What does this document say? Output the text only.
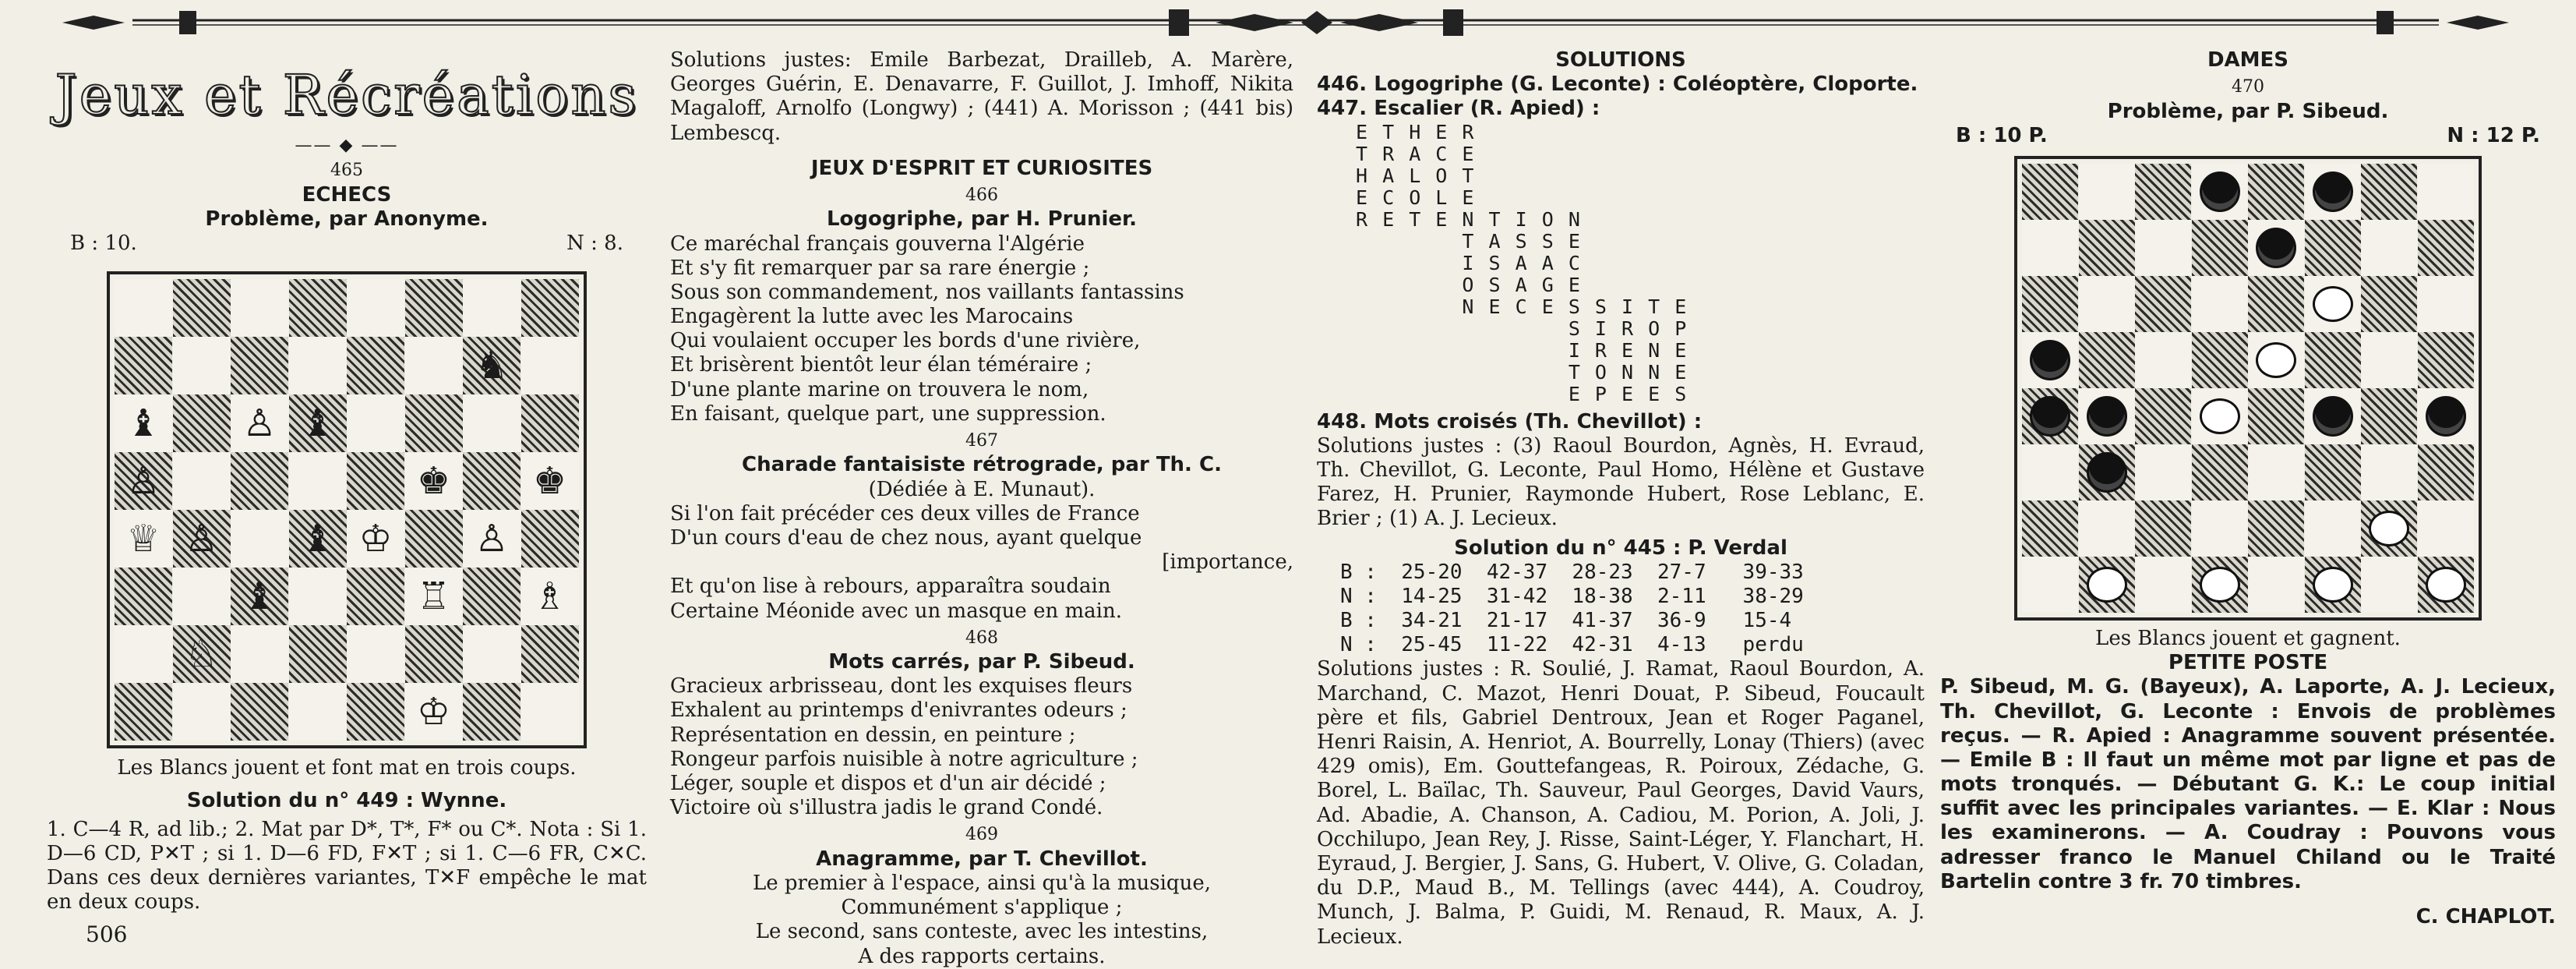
Jeux et Récréations
—— ◆ ——
465
ECHECS
Problème, par Anonyme.
B : 10.	N : 8.
♞
♝ ♙ ♝
♙	♚ ♚
♕ ♙ ♝ ♔ ♙
♝	♖ ♗
♘
♔

Les Blancs jouent et font mat en trois coups.

Solution du n° 449 : Wynne.

1. C—4 R, ad lib.; 2. Mat par D*, T*, F* ou C*. Nota : Si 1. D—6 CD, P✕T ; si 1. D—6 FD, F✕T ; si 1. C—6 FR, C✕C. Dans ces deux dernières variantes, T✕F empêche le mat en deux coups.

Solutions justes: Emile Barbezat, Drailleb, A. Marère, Georges Guérin, E. Denavarre, F. Guillot, J. Imhoff, Nikita Magaloff, Arnolfo (Longwy) ; (441) A. Morisson ; (441 bis) Lembescq.

JEUX D'ESPRIT ET CURIOSITES
466
Logogriphe, par H. Prunier.

Ce maréchal français gouverna l'Algérie

Et s'y fit remarquer par sa rare énergie ;

Sous son commandement, nos vaillants fantassins

Engagèrent la lutte avec les Marocains

Qui voulaient occuper les bords d'une rivière,

Et brisèrent bientôt leur élan téméraire ;

D'une plante marine on trouvera le nom,

En faisant, quelque part, une suppression.

467
Charade fantaisiste rétrograde, par Th. C.

(Dédiée à E. Munaut).

Si l'on fait précéder ces deux villes de France

D'un cours d'eau de chez nous, ayant quelque

[importance,

Et qu'on lise à rebours, apparaîtra soudain

Certaine Méonide avec un masque en main.

468
Mots carrés, par P. Sibeud.

Gracieux arbrisseau, dont les exquises fleurs

Exhalent au printemps d'enivrantes odeurs ;

Représentation en dessin, en peinture ;

Rongeur parfois nuisible à notre agriculture ;

Léger, souple et dispos et d'un air décidé ;

Victoire où s'illustra jadis le grand Condé.

469
Anagramme, par T. Chevillot.

Le premier à l'espace, ainsi qu'à la musique,

Communément s'applique ;

Le second, sans conteste, avec les intestins,

A des rapports certains.

SOLUTIONS

446. Logogriphe (G. Leconte) : Coléoptère, Cloporte.

447. Escalier (R. Apied) :

E T H E R
T R A C E
H A L O T
E C O L E
R E T E N T I O N
T A S S E
I S A A C
O S A G E
N E C E S S I T E
S I R O P
I R E N E
T O N N E
E P E E S

448. Mots croisés (Th. Chevillot) :

Solutions justes : (3) Raoul Bourdon, Agnès, H. Evraud, Th. Chevillot, G. Leconte, Paul Homo, Hélène et Gustave Farez, H. Prunier, Raymonde Hubert, Rose Leblanc, E. Brier ; (1) A. J. Lecieux.

Solution du n° 445 : P. Verdal
B :  25-20  42-37  28-23  27-7   39-33
N :  14-25  31-42  18-38  2-11   38-29
B :  34-21  21-17  41-37  36-9   15-4
N :  25-45  11-22  42-31  4-13   perdu

Solutions justes : R. Soulié, J. Ramat, Raoul Bourdon, A. Marchand, C. Mazot, Henri Douat, P. Sibeud, Foucault père et fils, Gabriel Dentroux, Jean et Roger Paganel, Henri Raisin, A. Henriot, A. Bourrelly, Lonay (Thiers) (avec 429 omis), Em. Gouttefangeas, R. Poiroux, Zédache, G. Borel, L. Baïlac, Th. Sauveur, Paul Georges, David Vaurs, Ad. Abadie, A. Chanson, A. Cadiou, M. Porion, A. Joli, J. Occhilupo, Jean Rey, J. Risse, Saint-Léger, Y. Flanchart, H. Eyraud, J. Bergier, J. Sans, G. Hubert, V. Olive, G. Coladan, du D.P., Maud B., M. Tellings (avec 444), A. Coudroy, Munch, J. Balma, P. Guidi, M. Renaud, R. Maux, A. J. Lecieux.

DAMES
470
Problème, par P. Sibeud.
B : 10 P.	N : 12 P.

Les Blancs jouent et gagnent.

PETITE POSTE

P. Sibeud, M. G. (Bayeux), A. Laporte, A. J. Lecieux, Th. Chevillot, G. Leconte : Envois de problèmes reçus. — R. Apied : Anagramme souvent présentée. — Emile B : Il faut un même mot par ligne et pas de mots tronqués. — Débutant G. K.: Le coup initial suffit avec les principales variantes. — E. Klar : Nous les examinerons. — A. Coudray : Pouvons vous adresser franco le Manuel Chiland ou le Traité Bartelin contre 3 fr. 70 timbres.

C. CHAPLOT.
506
